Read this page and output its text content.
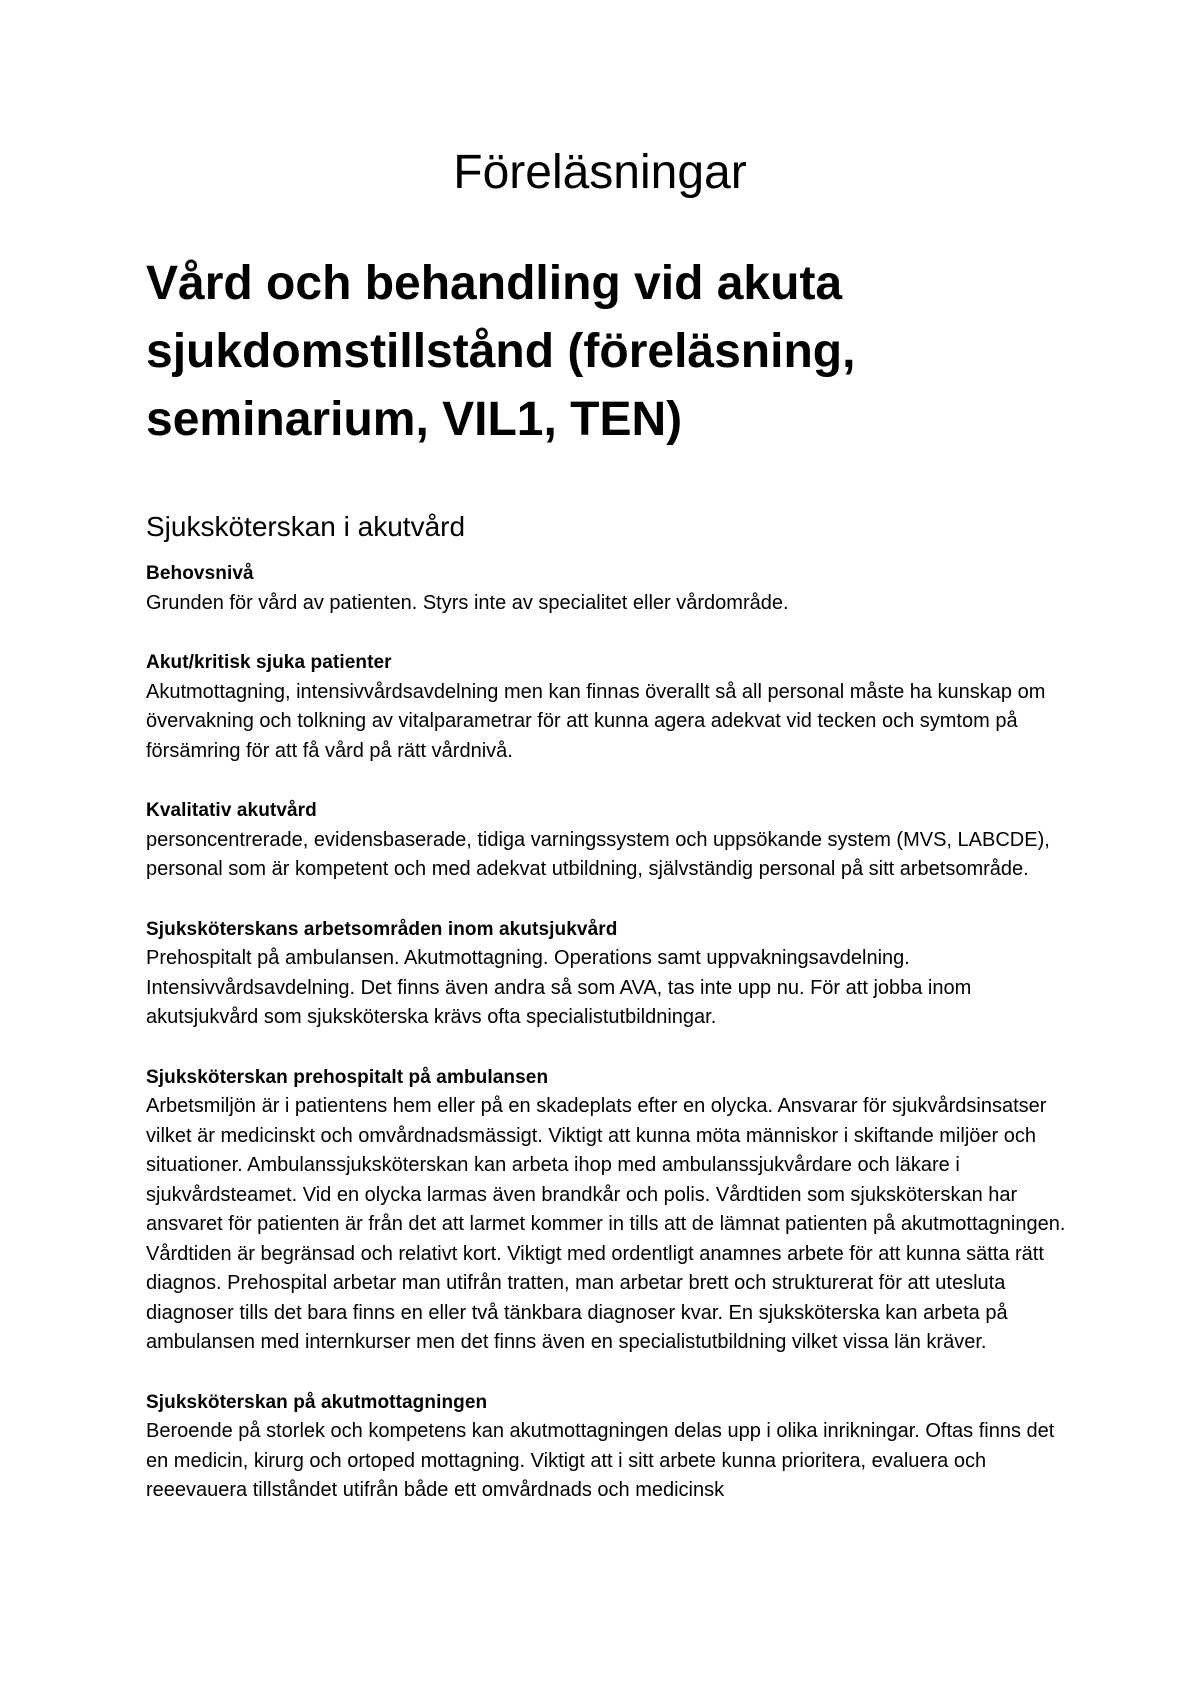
Föreläsningar
Vård och behandling vid akuta sjukdomstillstånd (föreläsning, seminarium, VIL1, TEN)
Sjuksköterskan i akutvård

Behovsnivå

Grunden för vård av patienten. Styrs inte av specialitet eller vårdområde.

Akut/kritisk sjuka patienter

Akutmottagning, intensivvårdsavdelning men kan finnas överallt så all personal måste ha kunskap om övervakning och tolkning av vitalparametrar för att kunna agera adekvat vid tecken och symtom på försämring för att få vård på rätt vårdnivå.

Kvalitativ akutvård

personcentrerade, evidensbaserade, tidiga varningssystem och uppsökande system (MVS, LABCDE), personal som är kompetent och med adekvat utbildning, självständig personal på sitt arbetsområde.

Sjuksköterskans arbetsområden inom akutsjukvård

Prehospitalt på ambulansen. Akutmottagning. Operations samt uppvakningsavdelning. Intensivvårdsavdelning. Det finns även andra så som AVA, tas inte upp nu. För att jobba inom akutsjukvård som sjuksköterska krävs ofta specialistutbildningar.

Sjuksköterskan prehospitalt på ambulansen

Arbetsmiljön är i patientens hem eller på en skadeplats efter en olycka. Ansvarar för sjukvårdsinsatser vilket är medicinskt och omvårdnadsmässigt. Viktigt att kunna möta människor i skiftande miljöer och situationer. Ambulanssjuksköterskan kan arbeta ihop med ambulanssjukvårdare och läkare i sjukvårdsteamet. Vid en olycka larmas även brandkår och polis. Vårdtiden som sjuksköterskan har ansvaret för patienten är från det att larmet kommer in tills att de lämnat patienten på akutmottagningen. Vårdtiden är begränsad och relativt kort. Viktigt med ordentligt anamnes arbete för att kunna sätta rätt diagnos. Prehospital arbetar man utifrån tratten, man arbetar brett och strukturerat för att utesluta diagnoser tills det bara finns en eller två tänkbara diagnoser kvar. En sjuksköterska kan arbeta på ambulansen med internkurser men det finns även en specialistutbildning vilket vissa län kräver.

Sjuksköterskan på akutmottagningen

Beroende på storlek och kompetens kan akutmottagningen delas upp i olika inrikningar. Oftas finns det en medicin, kirurg och ortoped mottagning. Viktigt att i sitt arbete kunna prioritera, evaluera och reeevauera tillståndet utifrån både ett omvårdnads och medicinsk
